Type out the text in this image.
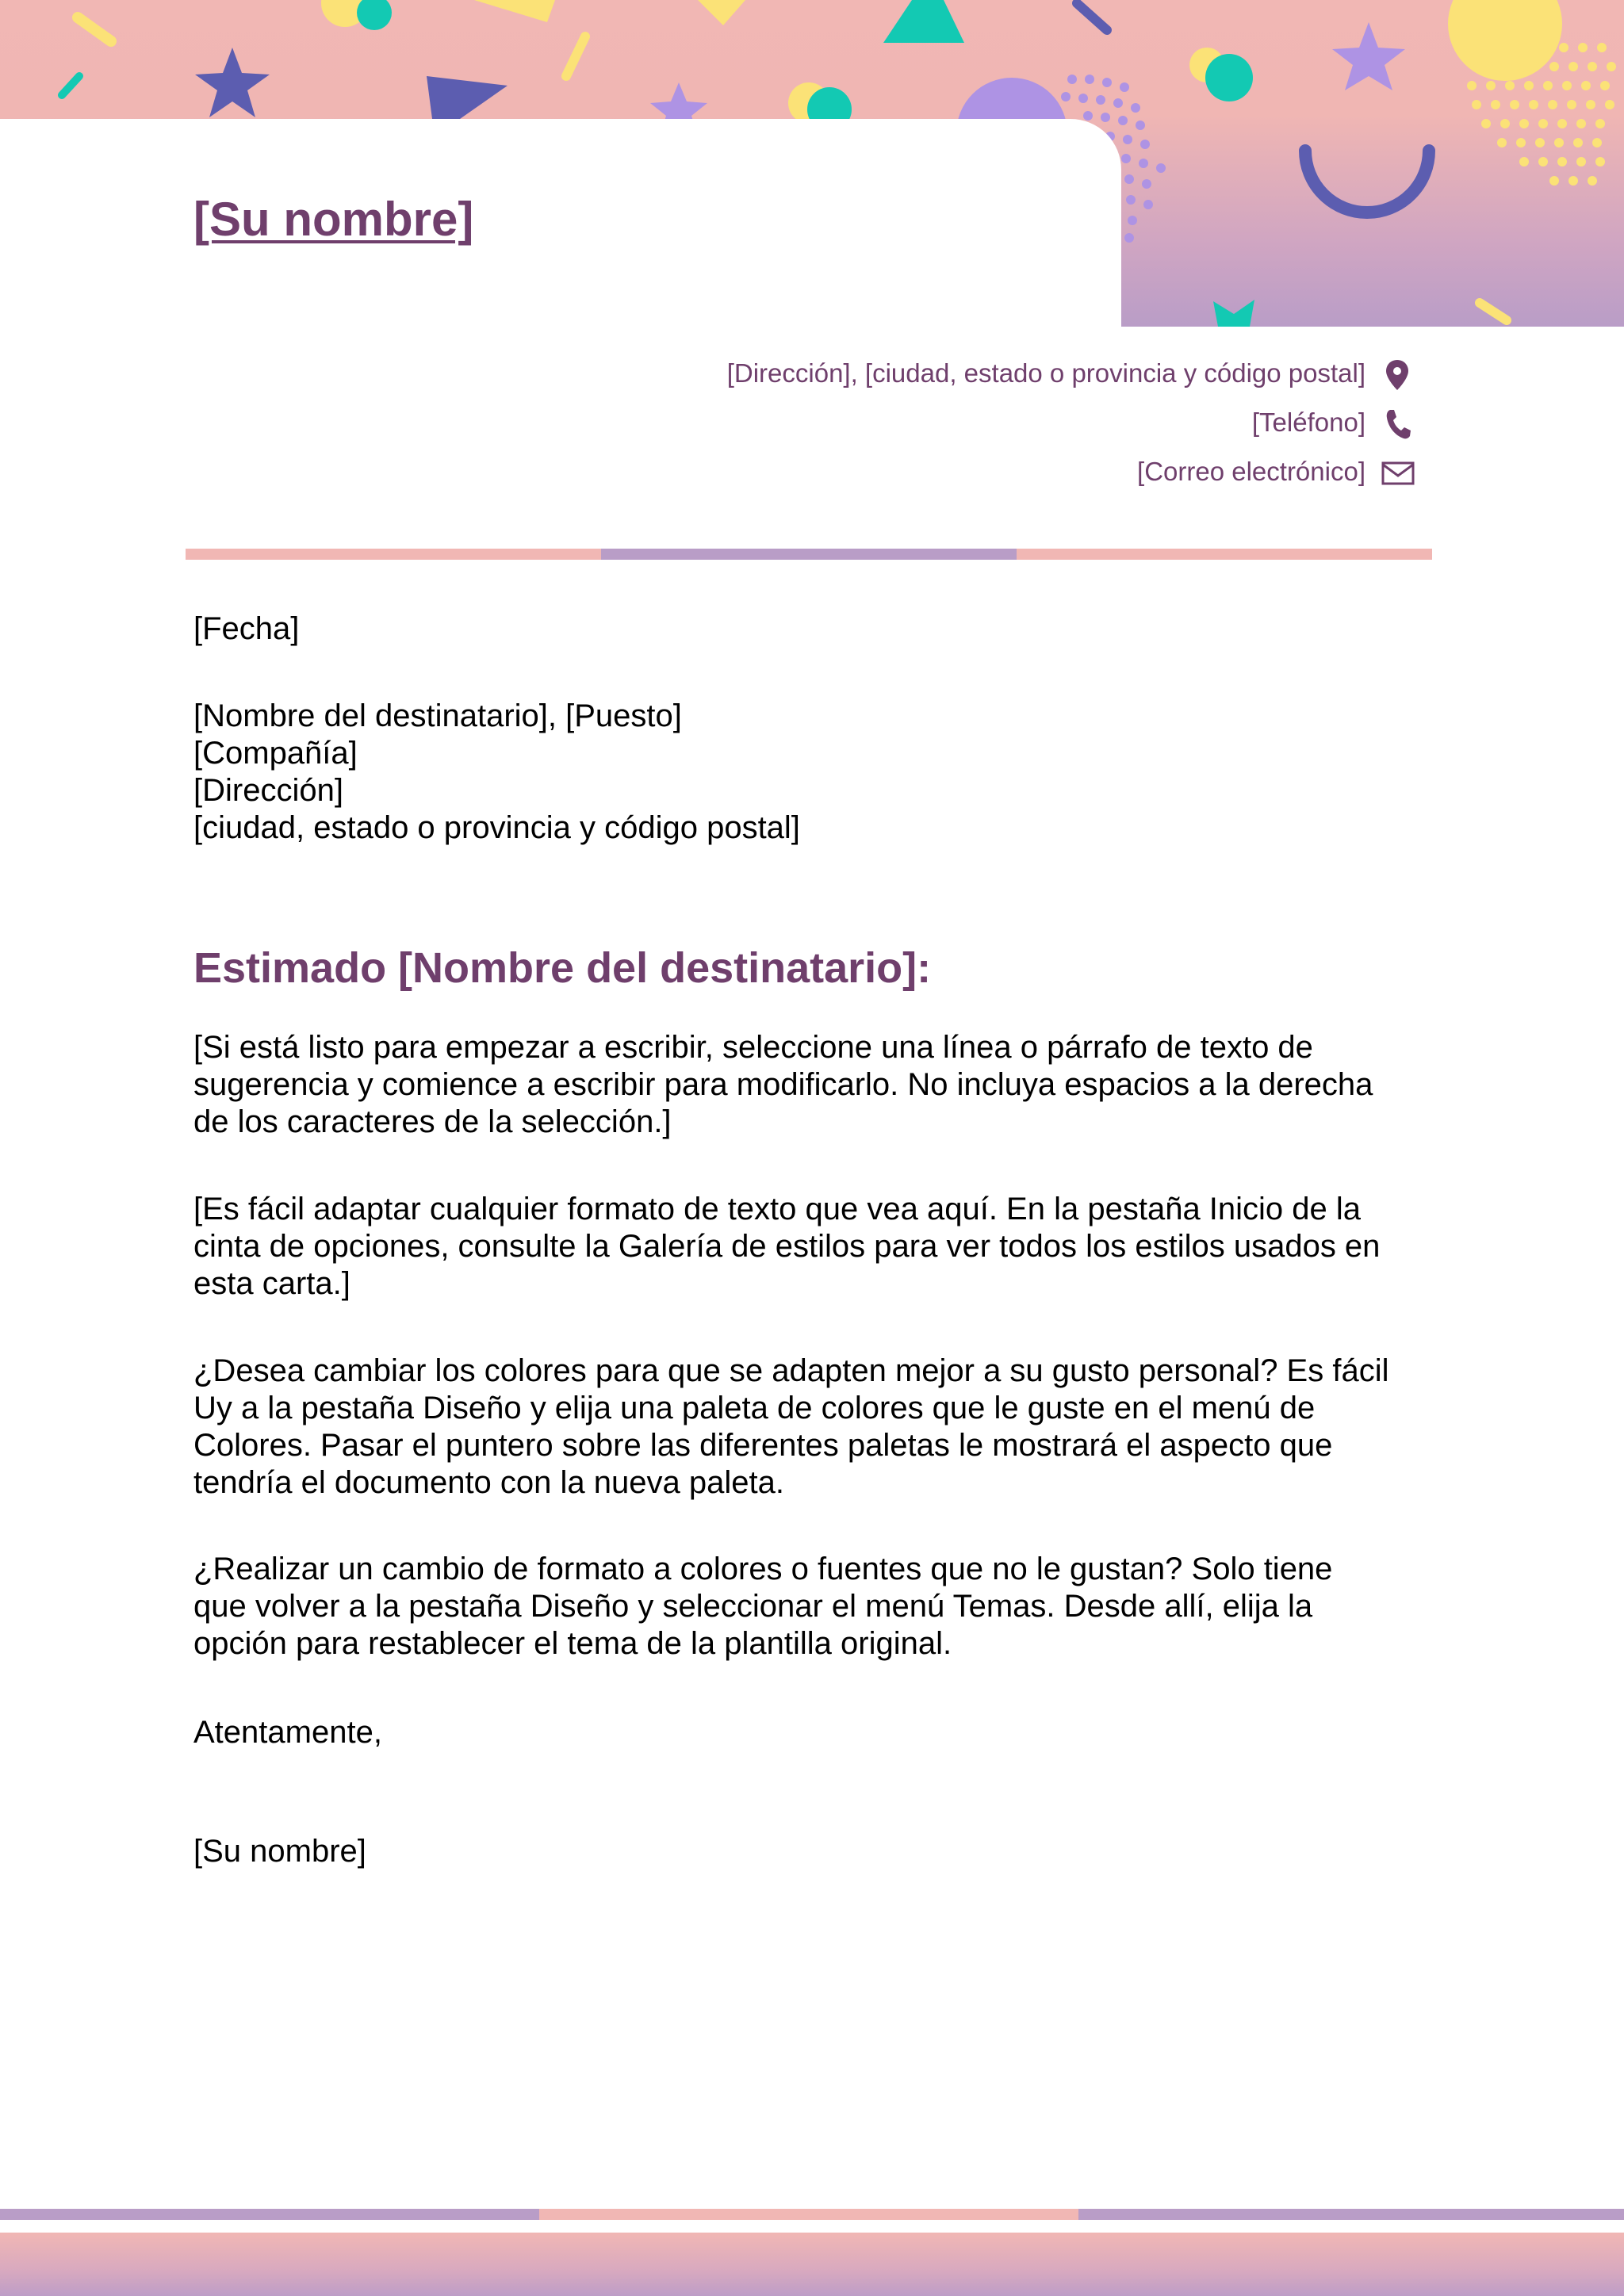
[Su nombre]
[Dirección], [ciudad, estado o provincia y código postal]
[Teléfono]
[Correo electrónico]
[Fecha]
[Nombre del destinatario], [Puesto]
[Compañía]
[Dirección]
[ciudad, estado o provincia y código postal]
Estimado [Nombre del destinatario]:
[Si está listo para empezar a escribir, seleccione una línea o párrafo de texto de
sugerencia y comience a escribir para modificarlo. No incluya espacios a la derecha
de los caracteres de la selección.]
[Es fácil adaptar cualquier formato de texto que vea aquí. En la pestaña Inicio de la
cinta de opciones, consulte la Galería de estilos para ver todos los estilos usados en
esta carta.]
¿Desea cambiar los colores para que se adapten mejor a su gusto personal? Es fácil
Uy a la pestaña Diseño y elija una paleta de colores que le guste en el menú de
Colores. Pasar el puntero sobre las diferentes paletas le mostrará el aspecto que
tendría el documento con la nueva paleta.
¿Realizar un cambio de formato a colores o fuentes que no le gustan? Solo tiene
que volver a la pestaña Diseño y seleccionar el menú Temas. Desde allí, elija la
opción para restablecer el tema de la plantilla original.
Atentamente,
[Su nombre]
